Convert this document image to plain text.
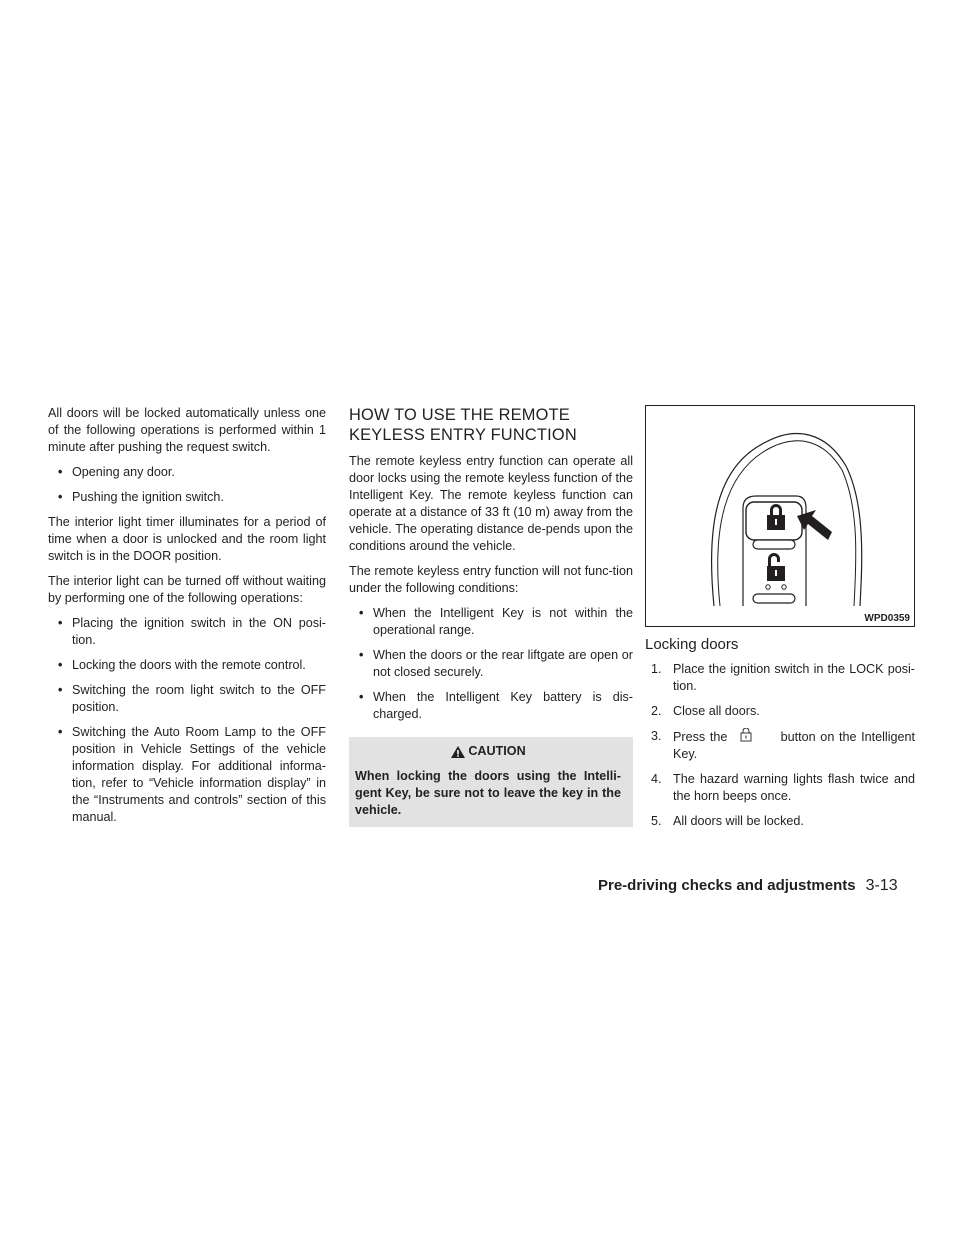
All doors will be locked automatically unless one of the following operations is performed within 1 minute after pushing the request switch.

• Opening any door.
• Pushing the ignition switch.

The interior light timer illuminates for a period of time when a door is unlocked and the room light switch is in the DOOR position.

The interior light can be turned off without waiting by performing one of the following operations:

• Placing the ignition switch in the ON posi-tion.
• Locking the doors with the remote control.
• Switching the room light switch to the OFF position.
• Switching the Auto Room Lamp to the OFF position in Vehicle Settings of the vehicle information display. For additional informa-tion, refer to “Vehicle information display” in the “Instruments and controls” section of this manual.
HOW TO USE THE REMOTE KEYLESS ENTRY FUNCTION

The remote keyless entry function can operate all door locks using the remote keyless function of the Intelligent Key. The remote keyless function can operate at a distance of 33 ft (10 m) away from the vehicle. The operating distance de-pends upon the conditions around the vehicle.

The remote keyless entry function will not func-tion under the following conditions:

• When the Intelligent Key is not within the operational range.
• When the doors or the rear liftgate are open or not closed securely.
• When the Intelligent Key battery is dis-charged.
CAUTION
When locking the doors using the Intelli-gent Key, be sure not to leave the key in the vehicle.
WPD0359
Locking doors
1. Place the ignition switch in the LOCK posi-tion.
2. Close all doors.
3. Press the	button on the Intelligent Key.
4. The hazard warning lights flash twice and the horn beeps once.
5. All doors will be locked.
Pre-driving checks and adjustments 3-13
